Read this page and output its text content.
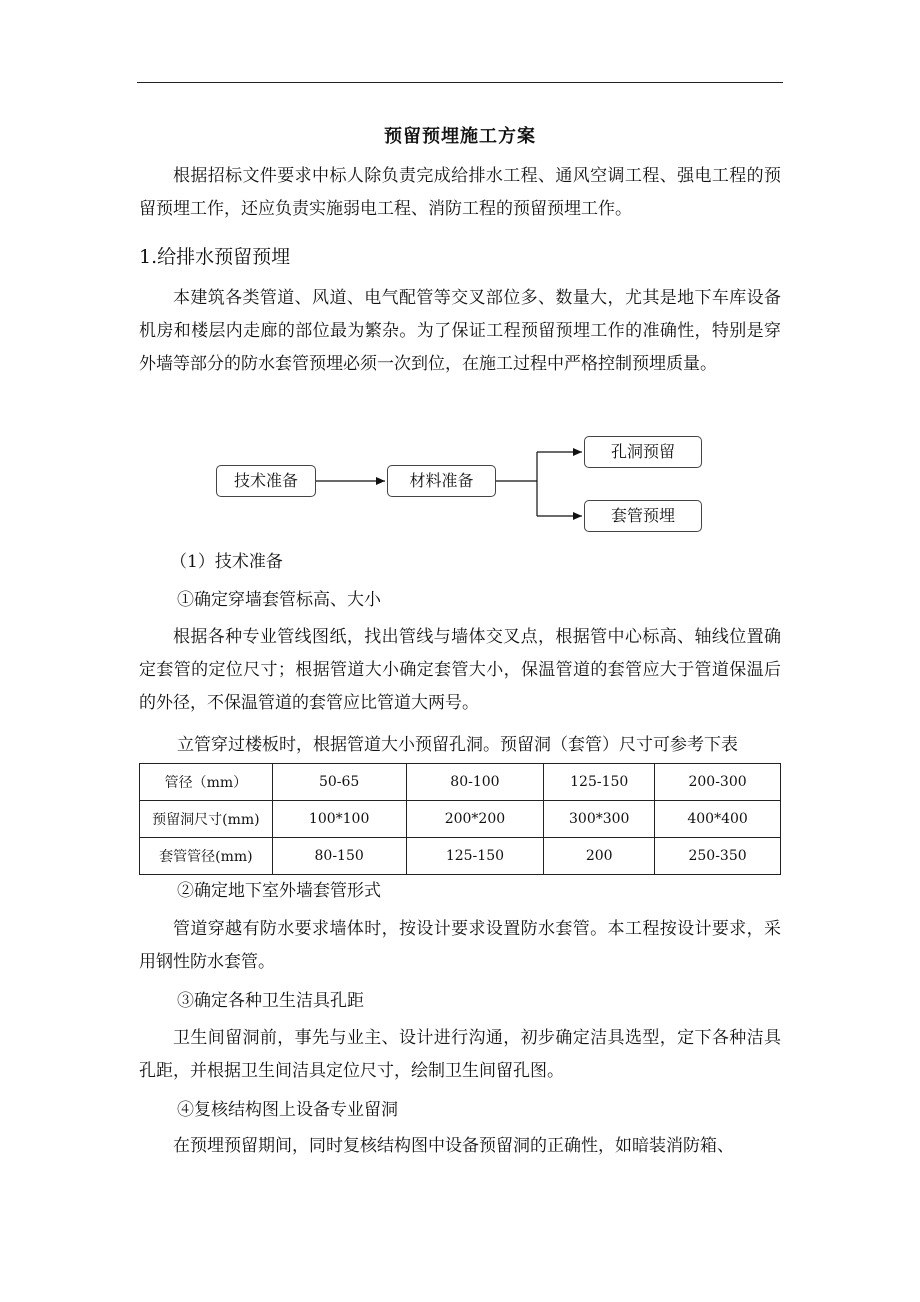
预留预埋施工方案

根据招标文件要求中标人除负责完成给排水工程、通风空调工程、强电工程的预留预埋工作，还应负责实施弱电工程、消防工程的预留预埋工作。

1.给排水预留预埋

本建筑各类管道、风道、电气配管等交叉部位多、数量大，尤其是地下车库设备机房和楼层内走廊的部位最为繁杂。为了保证工程预留预埋工作的准确性，特别是穿外墙等部分的防水套管预埋必须一次到位，在施工过程中严格控制预埋质量。

技术准备	材料准备
孔洞预留
套管预埋
（1）技术准备
①确定穿墙套管标高、大小

根据各种专业管线图纸，找出管线与墙体交叉点，根据管中心标高、轴线位置确定套管的定位尺寸；根据管道大小确定套管大小，保温管道的套管应大于管道保温后的外径，不保温管道的套管应比管道大两号。

立管穿过楼板时，根据管道大小预留孔洞。预留洞（套管）尺寸可参考下表
管径（mm）	50-65	80-100	125-150	200-300
预留洞尺寸(mm)	100*100	200*200	300*300	400*400
套管管径(mm)	80-150	125-150	200	250-350
②确定地下室外墙套管形式

管道穿越有防水要求墙体时，按设计要求设置防水套管。本工程按设计要求，采用钢性防水套管。

③确定各种卫生洁具孔距

卫生间留洞前，事先与业主、设计进行沟通，初步确定洁具选型，定下各种洁具孔距，并根据卫生间洁具定位尺寸，绘制卫生间留孔图。

④复核结构图上设备专业留洞

在预埋预留期间，同时复核结构图中设备预留洞的正确性，如暗装消防箱、
